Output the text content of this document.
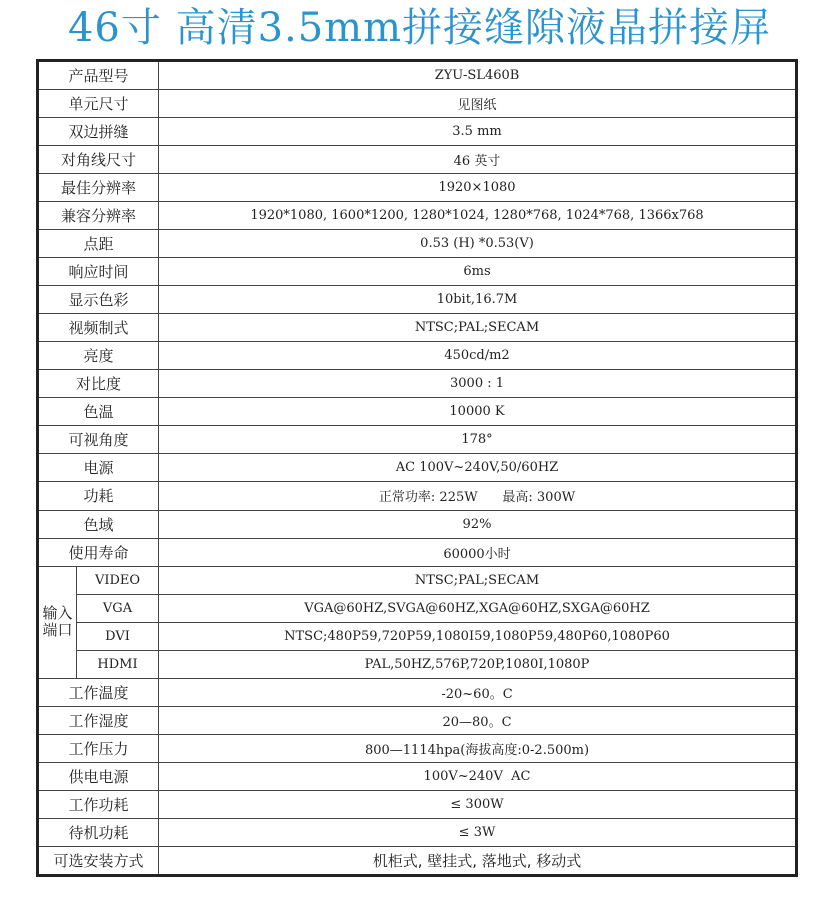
46寸 高清3.5mm拼接缝隙液晶拼接屏
产品型号		ZYU-SL460B
单元尺寸		见图纸
双边拼缝		3.5 mm
对角线尺寸		46 英寸
最佳分辨率		1920×1080
兼容分辨率		1920*1080, 1600*1200, 1280*1024, 1280*768, 1024*768, 1366x768
点距		0.53 (H) *0.53(V)
响应时间		6ms
显示色彩		10bit,16.7M
视频制式		NTSC;PAL;SECAM
亮度		450cd/m2
对比度		3000 : 1
色温		10000 K
可视角度		178°
电源		AC 100V~240V,50/60HZ
功耗		正常功率: 225W      最高: 300W
色域		92%
使用寿命		60000小时
输入端口	VIDEO	NTSC;PAL;SECAM
	VGA	VGA@60HZ,SVGA@60HZ,XGA@60HZ,SXGA@60HZ
	DVI	NTSC;480P59,720P59,1080I59,1080P59,480P60,1080P60
	HDMI	PAL,50HZ,576P,720P,1080I,1080P
工作温度		-20~60。C
工作湿度		20—80。C
工作压力		800—1114hpa(海拔高度:0-2.500m)
供电电源		100V~240V  AC
工作功耗		≤ 300W
待机功耗		≤ 3W
可选安装方式		机柜式, 壁挂式, 落地式, 移动式
